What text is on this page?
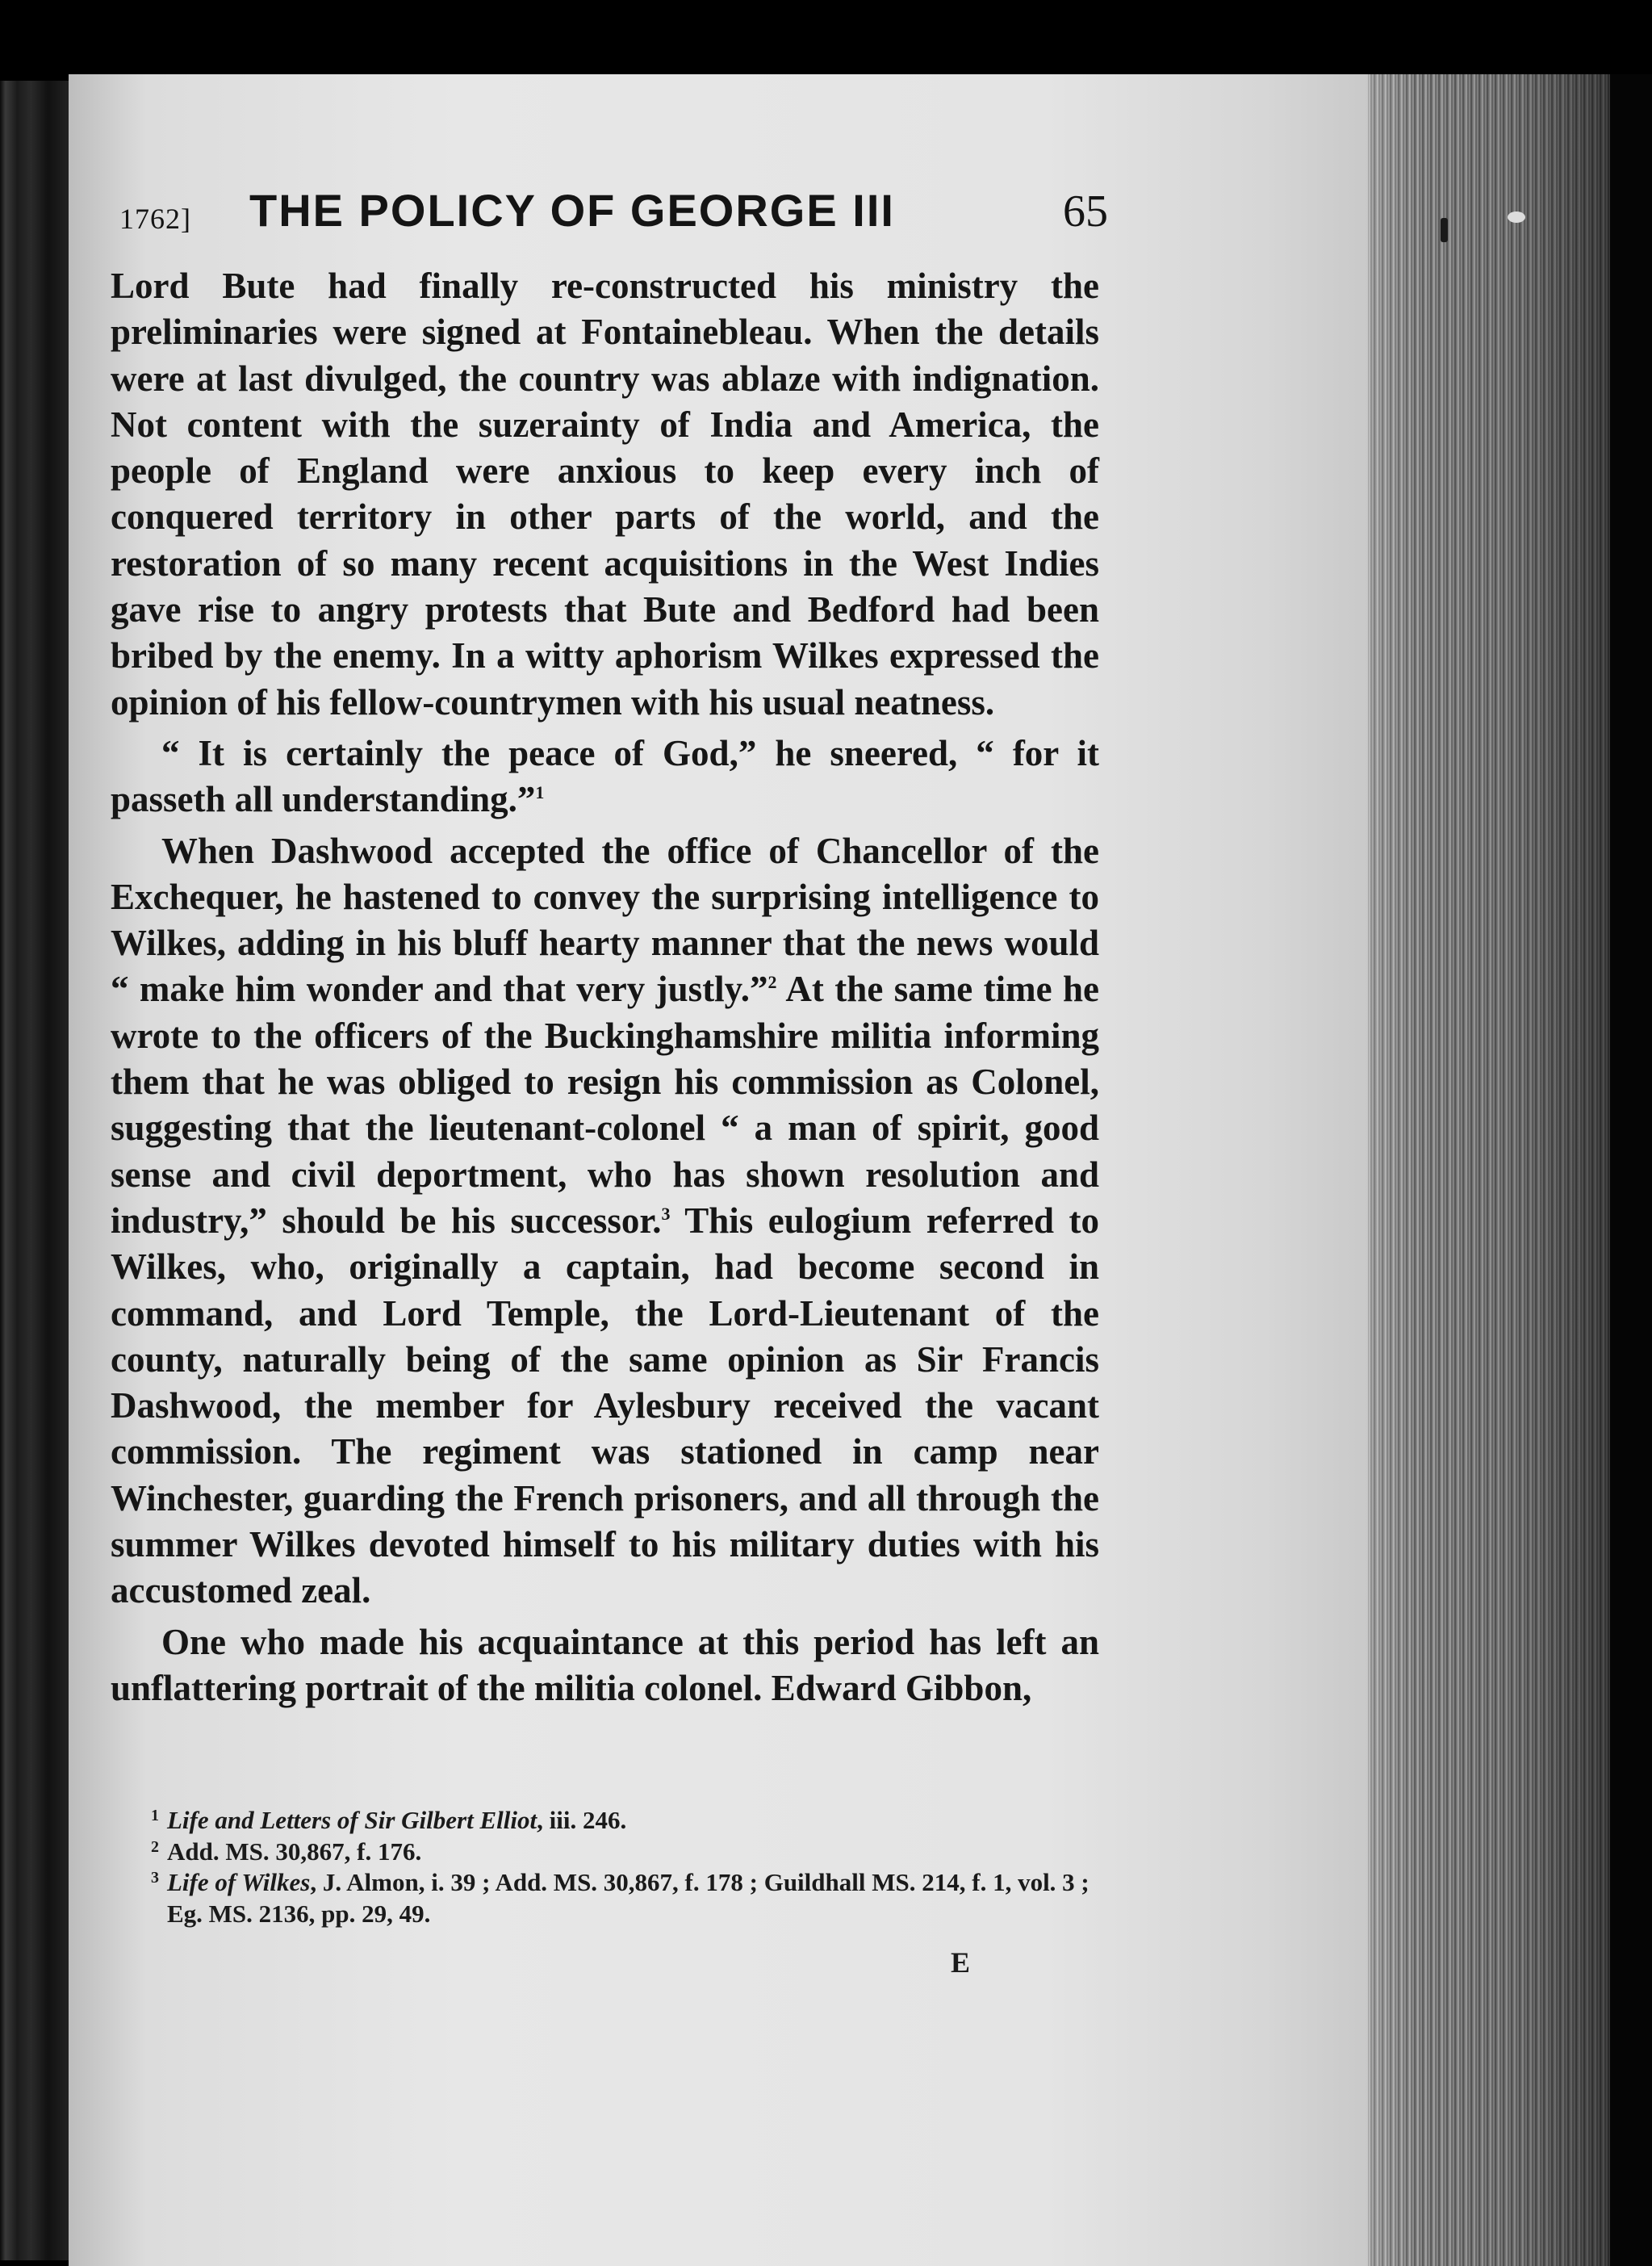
1762] THE POLICY OF GEORGE III	65

Lord Bute had finally re-constructed his ministry the preliminaries were signed at Fontainebleau. When the details were at last divulged, the country was ablaze with indignation. Not content with the suzerainty of India and America, the people of England were anxious to keep every inch of conquered territory in other parts of the world, and the restoration of so many recent acquisitions in the West Indies gave rise to angry protests that Bute and Bedford had been bribed by the enemy. In a witty aphorism Wilkes expressed the opinion of his fellow-countrymen with his usual neatness.

“ It is certainly the peace of God,” he sneered, “ for it passeth all understanding.”$^1$

When Dashwood accepted the office of Chancellor of the Exchequer, he hastened to convey the surprising intelligence to Wilkes, adding in his bluff hearty manner that the news would “ make him wonder and that very justly.”$^2$ At the same time he wrote to the officers of the Buckinghamshire militia informing them that he was obliged to resign his commission as Colonel, suggesting that the lieutenant-colonel “ a man of spirit, good sense and civil deportment, who has shown resolution and industry,” should be his successor.$^3$ This eulogium referred to Wilkes, who, originally a captain, had become second in command, and Lord Temple, the Lord-Lieutenant of the county, naturally being of the same opinion as Sir Francis Dashwood, the member for Aylesbury received the vacant commission. The regiment was stationed in camp near Winchester, guarding the French prisoners, and all through the summer Wilkes devoted himself to his military duties with his accustomed zeal.

One who made his acquaintance at this period has left an unflattering portrait of the militia colonel. Edward Gibbon,

1 Life and Letters of Sir Gilbert Elliot, iii. 246.

2 Add. MS. 30,867, f. 176.

3 Life of Wilkes, J. Almon, i. 39 ; Add. MS. 30,867, f. 178 ; Guildhall MS. 214, f. 1, vol. 3 ; Eg. MS. 2136, pp. 29, 49.

E
